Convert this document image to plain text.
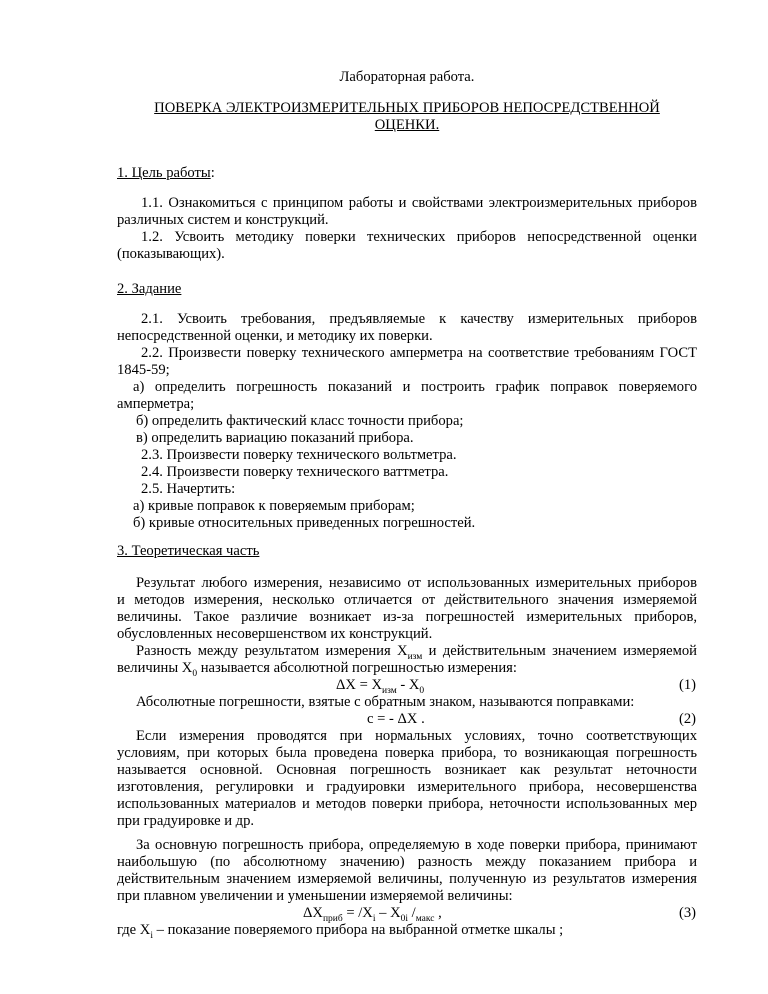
Лабораторная работа.
ПОВЕРКА ЭЛЕКТРОИЗМЕРИТЕЛЬНЫХ ПРИБОРОВ НЕПОСРЕДСТВЕННОЙ
ОЦЕНКИ.
1. Цель работы:
1.1. Ознакомиться с принципом работы и свойствами электроизмерительных приборов
различных систем и конструкций.
1.2. Усвоить методику поверки технических приборов непосредственной оценки
(показывающих).
2. Задание
2.1. Усвоить требования, предъявляемые к качеству измерительных приборов
непосредственной оценки, и методику их поверки.
2.2. Произвести поверку технического амперметра на соответствие требованиям ГОСТ
1845-59;
а) определить погрешность показаний и построить график поправок поверяемого
амперметра;
б) определить фактический класс точности прибора;
в) определить вариацию показаний прибора.
2.3. Произвести поверку технического вольтметра.
2.4. Произвести поверку технического ваттметра.
2.5. Начертить:
а) кривые поправок к поверяемым приборам;
б) кривые относительных приведенных погрешностей.
3. Теоретическая часть
Результат любого измерения, независимо от использованных измерительных приборов
и методов измерения, несколько отличается от действительного значения измеряемой
величины. Такое различие возникает из-за погрешностей измерительных приборов,
обусловленных несовершенством их конструкций.
Разность между результатом измерения $X_{изм}$ и действительным значением измеряемой
величины $X_0$ называется абсолютной погрешностью измерения:
$\Delta X = X_{изм} - X_0$	(1)
Абсолютные погрешности, взятые с обратным знаком, называются поправками:
c = - ΔX .	(2)
Если измерения проводятся при нормальных условиях, точно соответствующих
условиям, при которых была проведена поверка прибора, то возникающая погрешность
называется основной. Основная погрешность возникает как результат неточности
изготовления, регулировки и градуировки измерительного прибора, несовершенства
использованных материалов и методов поверки прибора, неточности использованных мер
при градуировке и др.
За основную погрешность прибора, определяемую в ходе поверки прибора, принимают
наибольшую (по абсолютному значению) разность между показанием прибора и
действительным значением измеряемой величины, полученную из результатов измерения
при плавном увеличении и уменьшении измеряемой величины:
$\Delta X_{приб} = /X_i - X_{0i}$ $/_{макс}$ ,	(3)
где $X_i$ – показание поверяемого прибора на выбранной отметке шкалы ;
